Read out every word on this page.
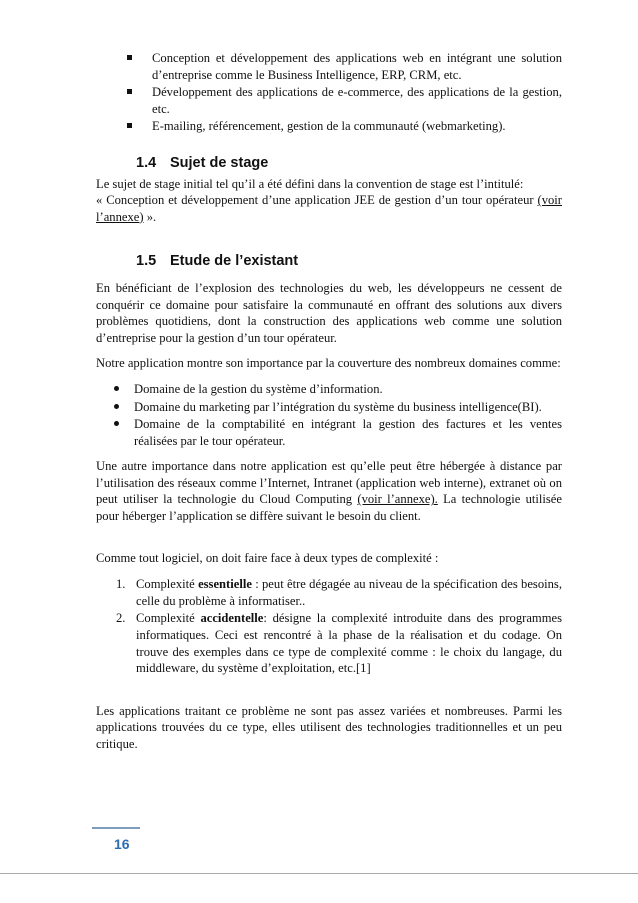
Conception et développement des applications web en intégrant une solution d’entreprise comme le Business Intelligence, ERP, CRM, etc.
Développement des applications de e-commerce, des applications de la gestion, etc.
E-mailing, référencement, gestion de la communauté (webmarketing).
1.4 Sujet de stage

Le sujet de stage initial tel qu’il a été défini dans la convention de stage est l’intitulé:

« Conception et développement d’une application JEE de gestion d’un tour opérateur (voir l’annexe) ».

1.5 Etude de l’existant

En bénéficiant de l’explosion des technologies du web, les développeurs ne cessent de conquérir ce domaine pour satisfaire la communauté en offrant des solutions aux divers problèmes quotidiens, dont la construction des applications web comme une solution d’entreprise pour la gestion d’un tour opérateur.

Notre application montre son importance par la couverture des nombreux domaines comme:

Domaine de la gestion du système d’information.
Domaine du marketing par l’intégration du système du business intelligence(BI).
Domaine de la comptabilité en intégrant la gestion des factures et les ventes réalisées par le tour opérateur.

Une autre importance dans notre application est qu’elle peut être hébergée à distance par l’utilisation des réseaux comme l’Internet, Intranet (application web interne), extranet où on peut utiliser la technologie du Cloud Computing (voir l’annexe). La technologie utilisée pour héberger l’application se diffère suivant le besoin du client.

Comme tout logiciel, on doit faire face à deux types de complexité :

1. Complexité essentielle : peut être dégagée au niveau de la spécification des besoins, celle du problème à informatiser..
2. Complexité accidentelle: désigne la complexité introduite dans des programmes informatiques. Ceci est rencontré à la phase de la réalisation et du codage. On trouve des exemples dans ce type de complexité comme : le choix du langage, du middleware, du système d’exploitation, etc.[1]

Les applications traitant ce problème ne sont pas assez variées et nombreuses. Parmi les applications trouvées du ce type, elles utilisent des technologies traditionnelles et un peu critique.

16
